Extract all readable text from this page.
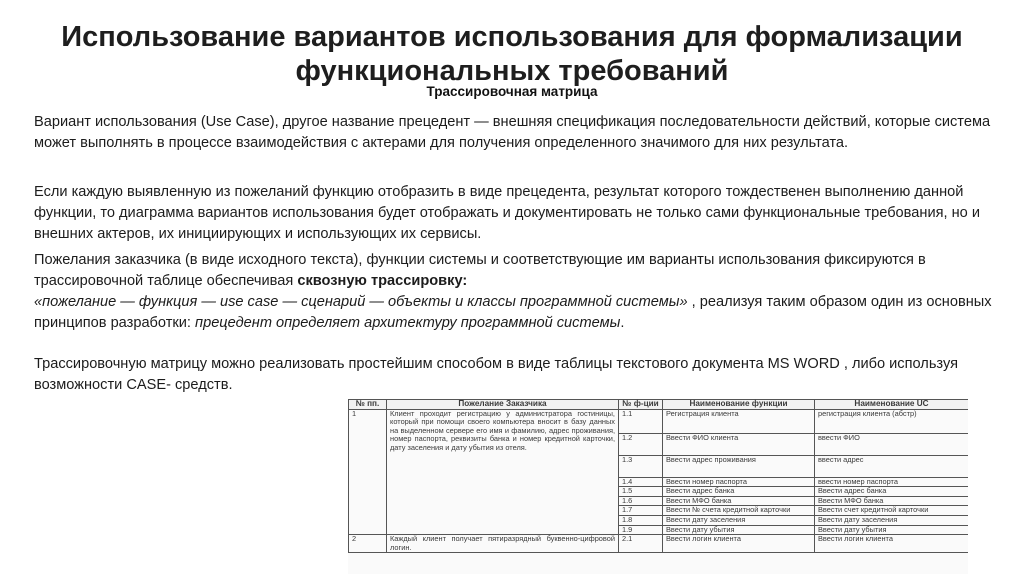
Использование вариантов использования для формализации
функциональных требований
Трассировочная матрица
Вариант использования (Use Case), другое название прецедент — внешняя спецификация последовательности действий, которые система может выполнять в процессе взаимодействия с актерами для получения определенного значимого для них результата.
Если каждую выявленную из пожеланий функцию отобразить в виде прецедента, результат которого тождественен выполнению данной функции, то диаграмма вариантов использования будет отображать и документировать не только сами функциональные требования, но и внешних актеров, их инициирующих и использующих их сервисы.
Пожелания заказчика (в виде исходного текста), функции системы и соответствующие им варианты использования фиксируются в трассировочной таблице обеспечивая сквозную трассировку:
«пожелание — функция — use case — сценарий — объекты и классы программной системы» , реализуя таким образом один из основных принципов разработки: прецедент определяет архитектуру программной системы.
Трассировочную матрицу можно реализовать простейшим способом в виде таблицы текстового документа MS WORD , либо используя возможности CASE- средств.
№ пп.	Пожелание Заказчика	№ ф-ции	Наименование функции	Наименование UC
1	Клиент проходит регистрацию у администратора гостиницы, который при помощи своего компьютера вносит в базу данных на выделенном сервере его имя и фамилию, адрес проживания, номер паспорта, реквизиты банка и номер кредитной карточки, дату заселения и дату убытия из отеля.	1.1	Регистрация клиента	регистрация клиента (абстр)
		1.2	Ввести ФИО клиента	ввести ФИО
		1.3	Ввести адрес проживания	ввести адрес
		1.4	Ввести номер паспорта	ввести номер паспорта
		1.5	Ввести адрес банка	Ввести адрес банка
		1.6	Ввести МФО банка	Ввести МФО банка
		1.7	Ввести № счета кредитной карточки	Ввести счет кредитной карточки
		1.8	Ввести дату заселения	Ввести дату заселения
		1.9	Ввести дату убытия	Ввести дату убытия
2	Каждый клиент получает пятиразрядный буквенно-цифровой логин.	2.1	Ввести логин клиента	Ввести логин клиента
